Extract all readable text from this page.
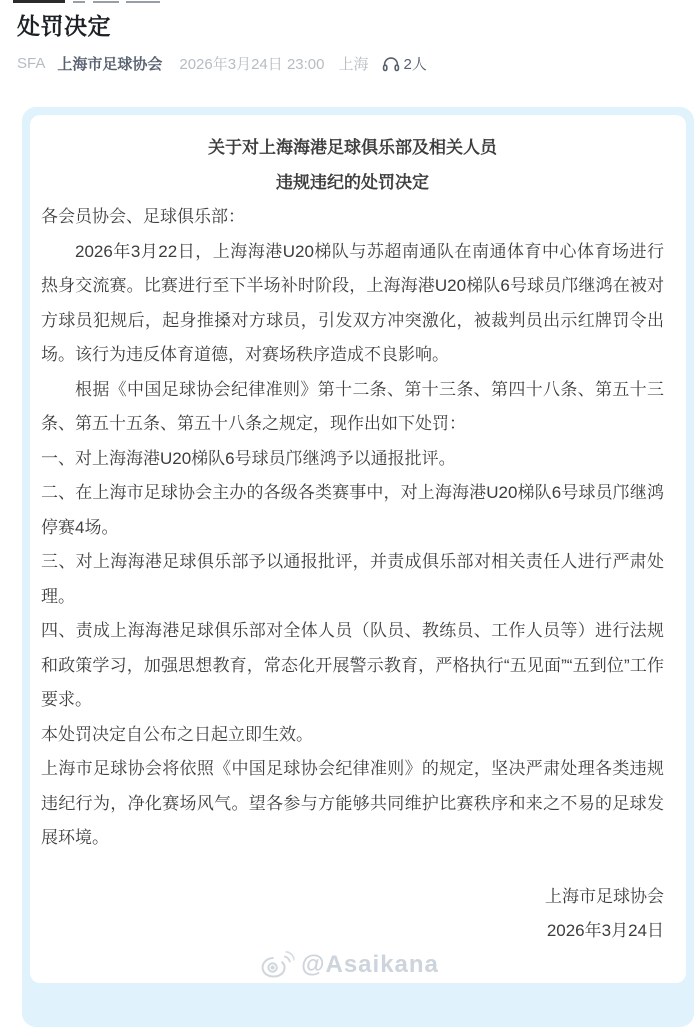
处罚决定
SFA 上海市足球协会 2026年3月24日 23:00 上海 2人

关于对上海海港足球俱乐部及相关人员

违规违纪的处罚决定

各会员协会、足球俱乐部：

2026年3月22日，上海海港U20梯队与苏超南通队在南通体育中心体育场进行热身交流赛。比赛进行至下半场补时阶段，上海海港U20梯队6号球员邝继鸿在被对方球员犯规后，起身推搡对方球员，引发双方冲突激化，被裁判员出示红牌罚令出场。该行为违反体育道德，对赛场秩序造成不良影响。

根据《中国足球协会纪律准则》第十二条、第十三条、第四十八条、第五十三条、第五十五条、第五十八条之规定，现作出如下处罚：

一、对上海海港U20梯队6号球员邝继鸿予以通报批评。

二、在上海市足球协会主办的各级各类赛事中，对上海海港U20梯队6号球员邝继鸿停赛4场。

三、对上海海港足球俱乐部予以通报批评，并责成俱乐部对相关责任人进行严肃处理。

四、责成上海海港足球俱乐部对全体人员（队员、教练员、工作人员等）进行法规和政策学习，加强思想教育，常态化开展警示教育，严格执行“五见面”“五到位”工作要求。

本处罚决定自公布之日起立即生效。

上海市足球协会将依照《中国足球协会纪律准则》的规定，坚决严肃处理各类违规违纪行为，净化赛场风气。望各参与方能够共同维护比赛秩序和来之不易的足球发展环境。

上海市足球协会

2026年3月24日

@Asaikana
